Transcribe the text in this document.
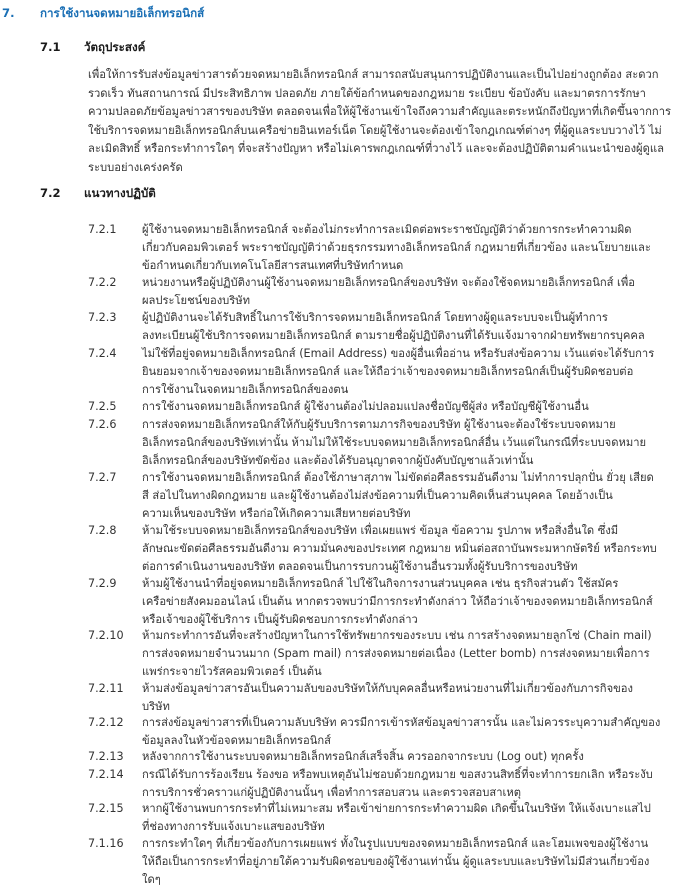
7. การใช้งานจดหมายอิเล็กทรอนิกส์
7.1 วัตถุประสงค์
เพื่อให้การรับส่งข้อมูลข่าวสารด้วยจดหมายอิเล็กทรอนิกส์ สามารถสนับสนุนการปฏิบัติงานและเป็นไปอย่างถูกต้อง สะดวก รวดเร็ว ทันสถานการณ์ มีประสิทธิภาพ ปลอดภัย ภายใต้ข้อกำหนดของกฎหมาย ระเบียบ ข้อบังคับ และมาตรการรักษาความปลอดภัยข้อมูลข่าวสารของบริษัท ตลอดจนเพื่อให้ผู้ใช้งานเข้าใจถึงความสำคัญและตระหนักถึงปัญหาที่เกิดขึ้นจากการใช้บริการจดหมายอิเล็กทรอนิกส์บนเครือข่ายอินเทอร์เน็ต โดยผู้ใช้งานจะต้องเข้าใจกฎเกณฑ์ต่างๆ ที่ผู้ดูแลระบบวางไว้ ไม่ละเมิดสิทธิ์ หรือกระทำการใดๆ ที่จะสร้างปัญหา หรือไม่เคารพกฎเกณฑ์ที่วางไว้ และจะต้องปฏิบัติตามคำแนะนำของผู้ดูแลระบบอย่างเคร่งครัด
7.2 แนวทางปฏิบัติ
7.2.1	ผู้ใช้งานจดหมายอิเล็กทรอนิกส์ จะต้องไม่กระทำการละเมิดต่อพระราชบัญญัติว่าด้วยการกระทำความผิด
เกี่ยวกับคอมพิวเตอร์ พระราชบัญญัติว่าด้วยธุรกรรมทางอิเล็กทรอนิกส์ กฎหมายที่เกี่ยวข้อง และนโยบายและ
ข้อกำหนดเกี่ยวกับเทคโนโลยีสารสนเทศที่บริษัทกำหนด
7.2.2	หน่วยงานหรือผู้ปฏิบัติงานผู้ใช้งานจดหมายอิเล็กทรอนิกส์ของบริษัท จะต้องใช้จดหมายอิเล็กทรอนิกส์ เพื่อ
ผลประโยชน์ของบริษัท
7.2.3	ผู้ปฏิบัติงานจะได้รับสิทธิ์ในการใช้บริการจดหมายอิเล็กทรอนิกส์ โดยทางผู้ดูแลระบบจะเป็นผู้ทำการ
ลงทะเบียนผู้ใช้บริการจดหมายอิเล็กทรอนิกส์ ตามรายชื่อผู้ปฏิบัติงานที่ได้รับแจ้งมาจากฝ่ายทรัพยากรบุคคล
7.2.4	ไม่ใช้ที่อยู่จดหมายอิเล็กทรอนิกส์ (Email Address) ของผู้อื่นเพื่ออ่าน หรือรับส่งข้อความ เว้นแต่จะได้รับการ
ยินยอมจากเจ้าของจดหมายอิเล็กทรอนิกส์ และให้ถือว่าเจ้าของจดหมายอิเล็กทรอนิกส์เป็นผู้รับผิดชอบต่อ
การใช้งานในจดหมายอิเล็กทรอนิกส์ของตน
7.2.5	การใช้งานจดหมายอิเล็กทรอนิกส์ ผู้ใช้งานต้องไม่ปลอมแปลงชื่อบัญชีผู้ส่ง หรือบัญชีผู้ใช้งานอื่น
7.2.6	การส่งจดหมายอิเล็กทรอนิกส์ให้กับผู้รับบริการตามภารกิจของบริษัท ผู้ใช้งานจะต้องใช้ระบบจดหมาย
อิเล็กทรอนิกส์ของบริษัทเท่านั้น ห้ามไม่ให้ใช้ระบบจดหมายอิเล็กทรอนิกส์อื่น เว้นแต่ในกรณีที่ระบบจดหมาย
อิเล็กทรอนิกส์ของบริษัทขัดข้อง และต้องได้รับอนุญาตจากผู้บังคับบัญชาแล้วเท่านั้น
7.2.7	การใช้งานจดหมายอิเล็กทรอนิกส์ ต้องใช้ภาษาสุภาพ ไม่ขัดต่อศีลธรรมอันดีงาม ไม่ทำการปลุกปั่น ยั่วยุ เสียด
สี ส่อไปในทางผิดกฎหมาย และผู้ใช้งานต้องไม่ส่งข้อความที่เป็นความคิดเห็นส่วนบุคคล โดยอ้างเป็น
ความเห็นของบริษัท หรือก่อให้เกิดความเสียหายต่อบริษัท
7.2.8	ห้ามใช้ระบบจดหมายอิเล็กทรอนิกส์ของบริษัท เพื่อเผยแพร่ ข้อมูล ข้อความ รูปภาพ หรือสิ่งอื่นใด ซึ่งมี
ลักษณะขัดต่อศีลธรรมอันดีงาม ความมั่นคงของประเทศ กฎหมาย หมิ่นต่อสถาบันพระมหากษัตริย์ หรือกระทบ
ต่อการดำเนินงานของบริษัท ตลอดจนเป็นการรบกวนผู้ใช้งานอื่นรวมทั้งผู้รับบริการของบริษัท
7.2.9	ห้ามผู้ใช้งานนำที่อยู่จดหมายอิเล็กทรอนิกส์ ไปใช้ในกิจการงานส่วนบุคคล เช่น ธุรกิจส่วนตัว ใช้สมัคร
เครือข่ายสังคมออนไลน์ เป็นต้น หากตรวจพบว่ามีการกระทำดังกล่าว ให้ถือว่าเจ้าของจดหมายอิเล็กทรอนิกส์
หรือเจ้าของผู้ใช้บริการ เป็นผู้รับผิดชอบการกระทำดังกล่าว
7.2.10	ห้ามกระทำการอันที่จะสร้างปัญหาในการใช้ทรัพยากรของระบบ เช่น การสร้างจดหมายลูกโซ่ (Chain mail)
การส่งจดหมายจำนวนมาก (Spam mail) การส่งจดหมายต่อเนื่อง (Letter bomb) การส่งจดหมายเพื่อการ
แพร่กระจายไวรัสคอมพิวเตอร์ เป็นต้น
7.2.11	ห้ามส่งข้อมูลข่าวสารอันเป็นความลับของบริษัทให้กับบุคคลอื่นหรือหน่วยงานที่ไม่เกี่ยวข้องกับภารกิจของ
บริษัท
7.2.12	การส่งข้อมูลข่าวสารที่เป็นความลับบริษัท ควรมีการเข้ารหัสข้อมูลข่าวสารนั้น และไม่ควรระบุความสำคัญของ
ข้อมูลลงในหัวข้อจดหมายอิเล็กทรอนิกส์
7.2.13	หลังจากการใช้งานระบบจดหมายอิเล็กทรอนิกส์เสร็จสิ้น ควรออกจากระบบ (Log out) ทุกครั้ง
7.2.14	กรณีได้รับการร้องเรียน ร้องขอ หรือพบเหตุอันไม่ชอบด้วยกฎหมาย ขอสงวนสิทธิ์ที่จะทำการยกเลิก หรือระงับ
การบริการชั่วคราวแก่ผู้ปฏิบัติงานนั้นๆ เพื่อทำการสอบสวน และตรวจสอบสาเหตุ
7.2.15	หากผู้ใช้งานพบการกระทำที่ไม่เหมาะสม หรือเข้าข่ายการกระทำความผิด เกิดขึ้นในบริษัท ให้แจ้งเบาะแสไป
ที่ช่องทางการรับแจ้งเบาะแสของบริษัท
7.1.16	การกระทำใดๆ ที่เกี่ยวข้องกับการเผยแพร่ ทั้งในรูปแบบของจดหมายอิเล็กทรอนิกส์ และโฮมเพจของผู้ใช้งาน
ให้ถือเป็นการกระทำที่อยู่ภายใต้ความรับผิดชอบของผู้ใช้งานเท่านั้น ผู้ดูแลระบบและบริษัทไม่มีส่วนเกี่ยวข้อง
ใดๆ
